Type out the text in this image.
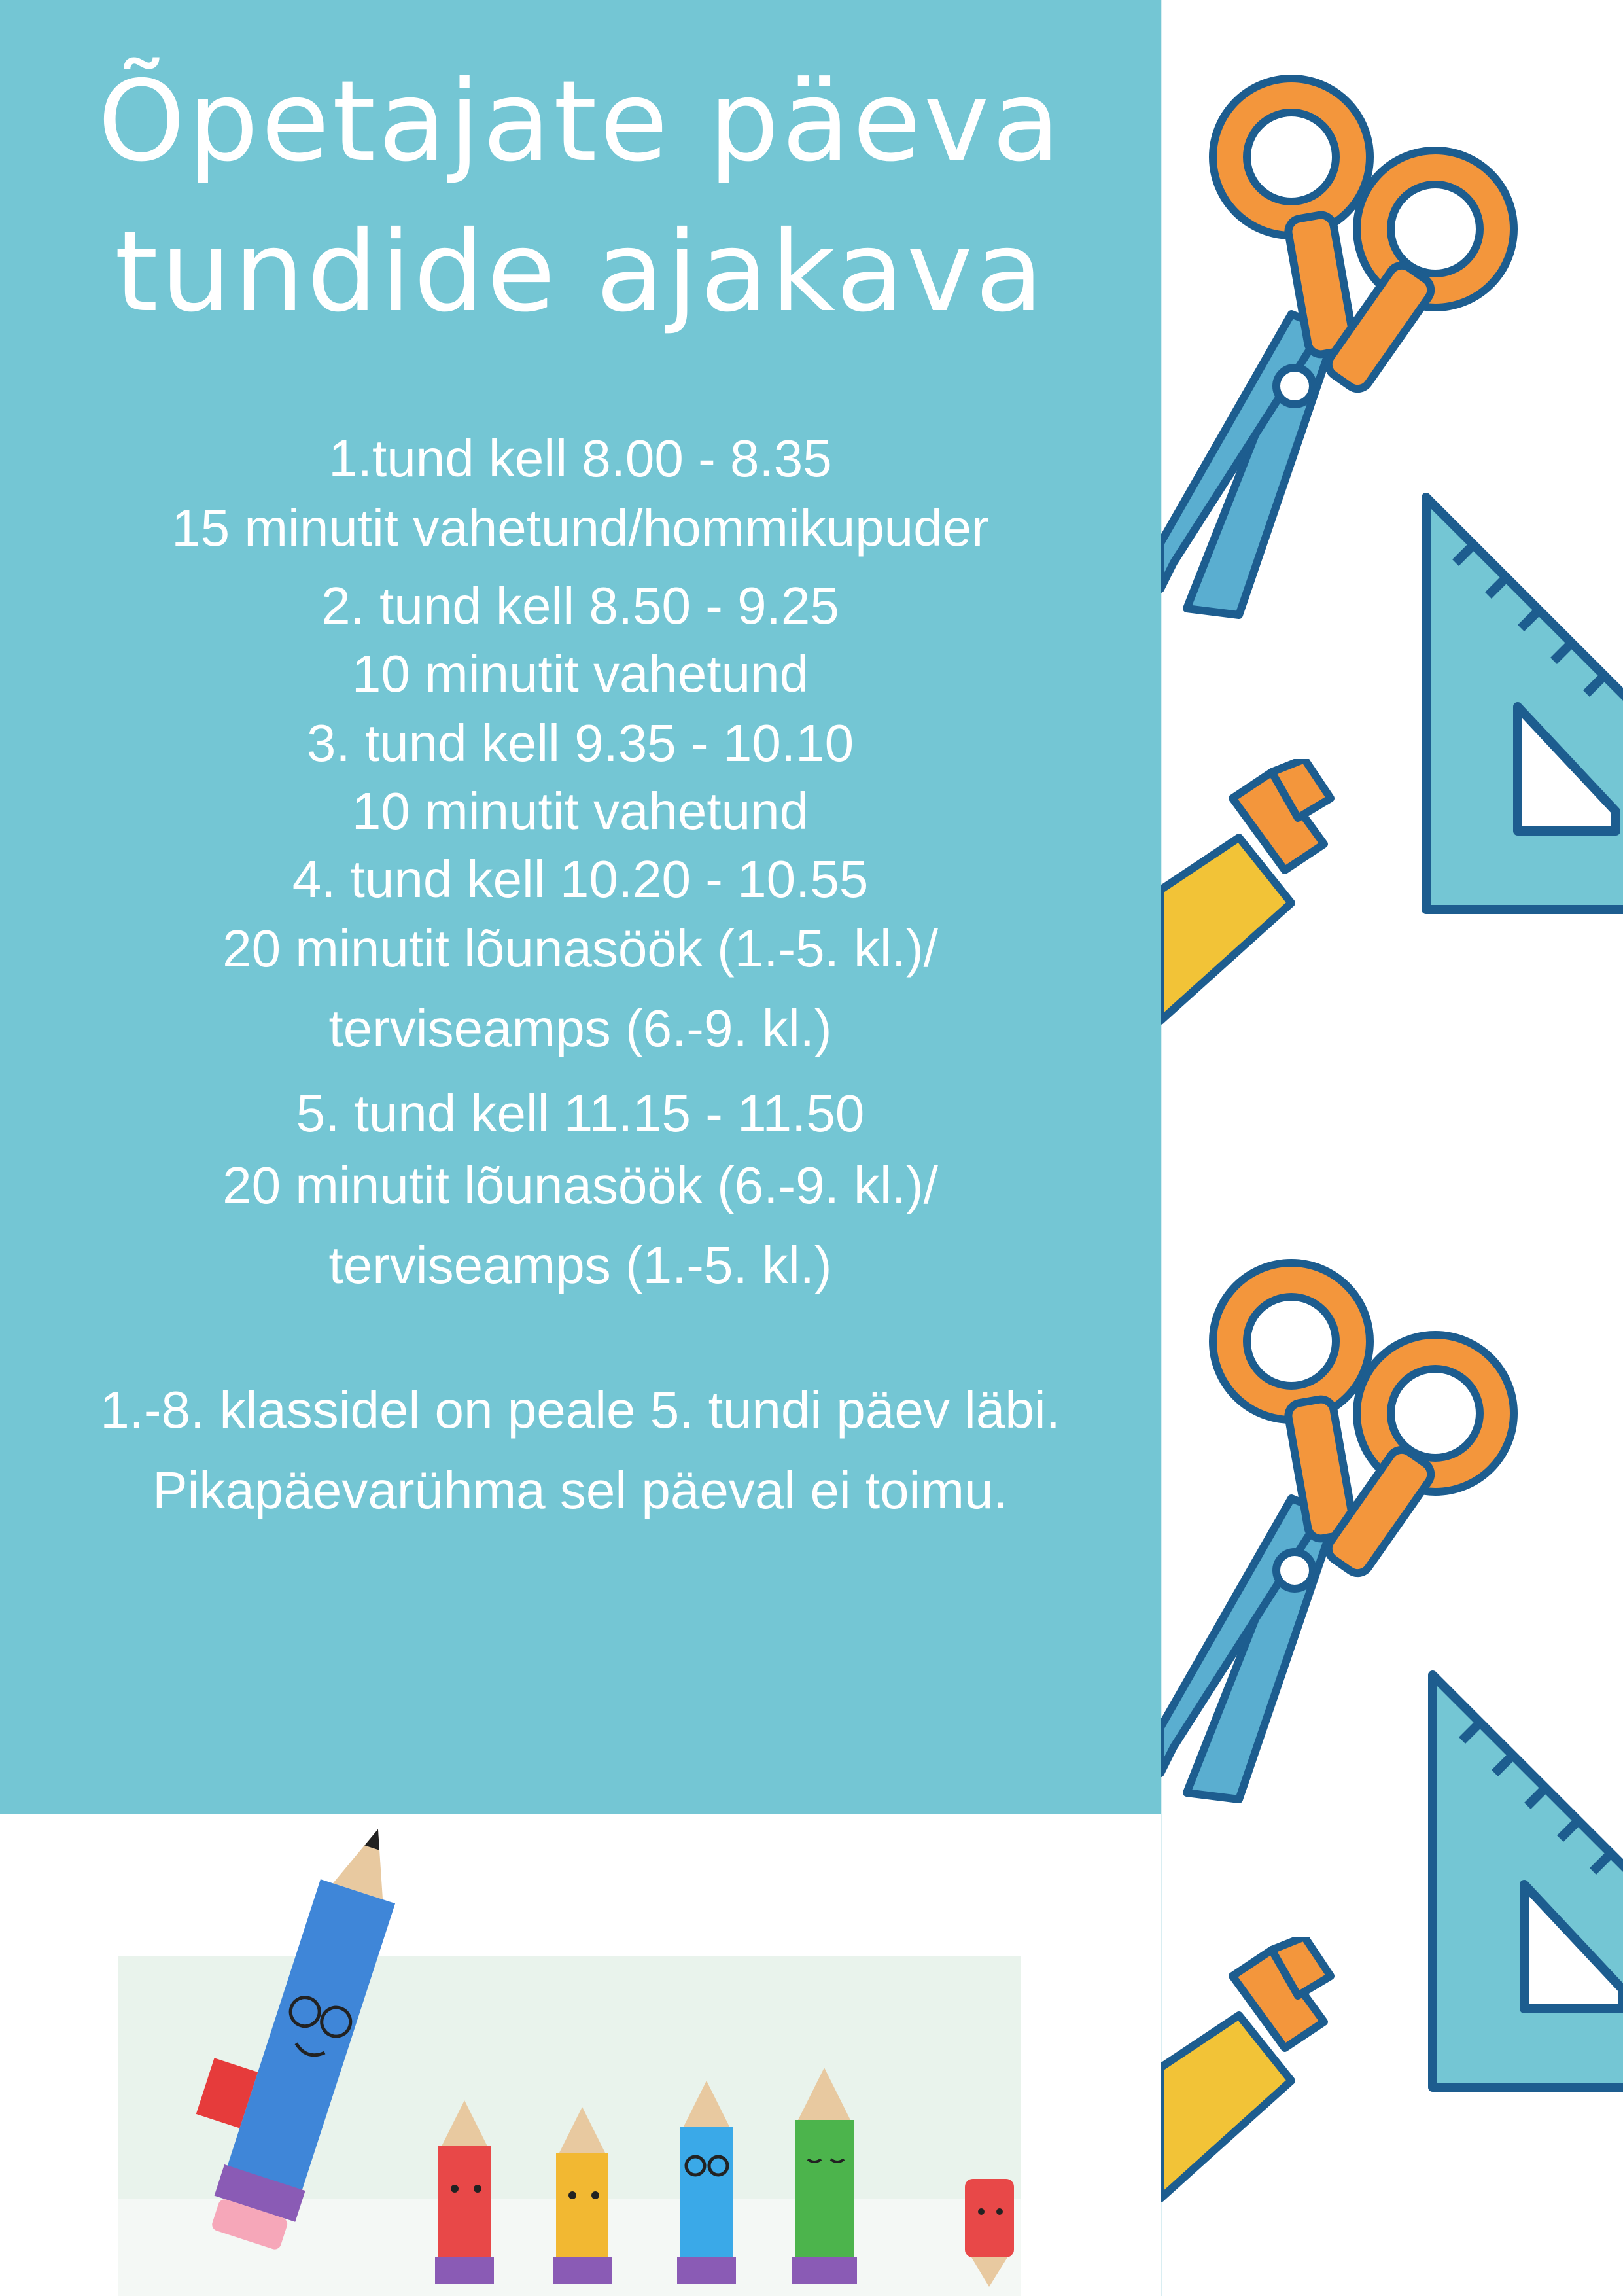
Õpetajate päeva
tundide ajakava
1.tund kell 8.00 - 8.35
15 minutit vahetund/hommikupuder
2. tund kell 8.50 - 9.25
10 minutit vahetund
3. tund kell 9.35 - 10.10
10 minutit vahetund
4. tund kell 10.20 - 10.55
20 minutit lõunasöök (1.-5. kl.)/
terviseamps (6.-9. kl.)
5. tund kell 11.15 - 11.50
20 minutit lõunasöök (6.-9. kl.)/
terviseamps (1.-5. kl.)
1.-8. klassidel on peale 5. tundi päev läbi.
Pikapäevarühma sel päeval ei toimu.
